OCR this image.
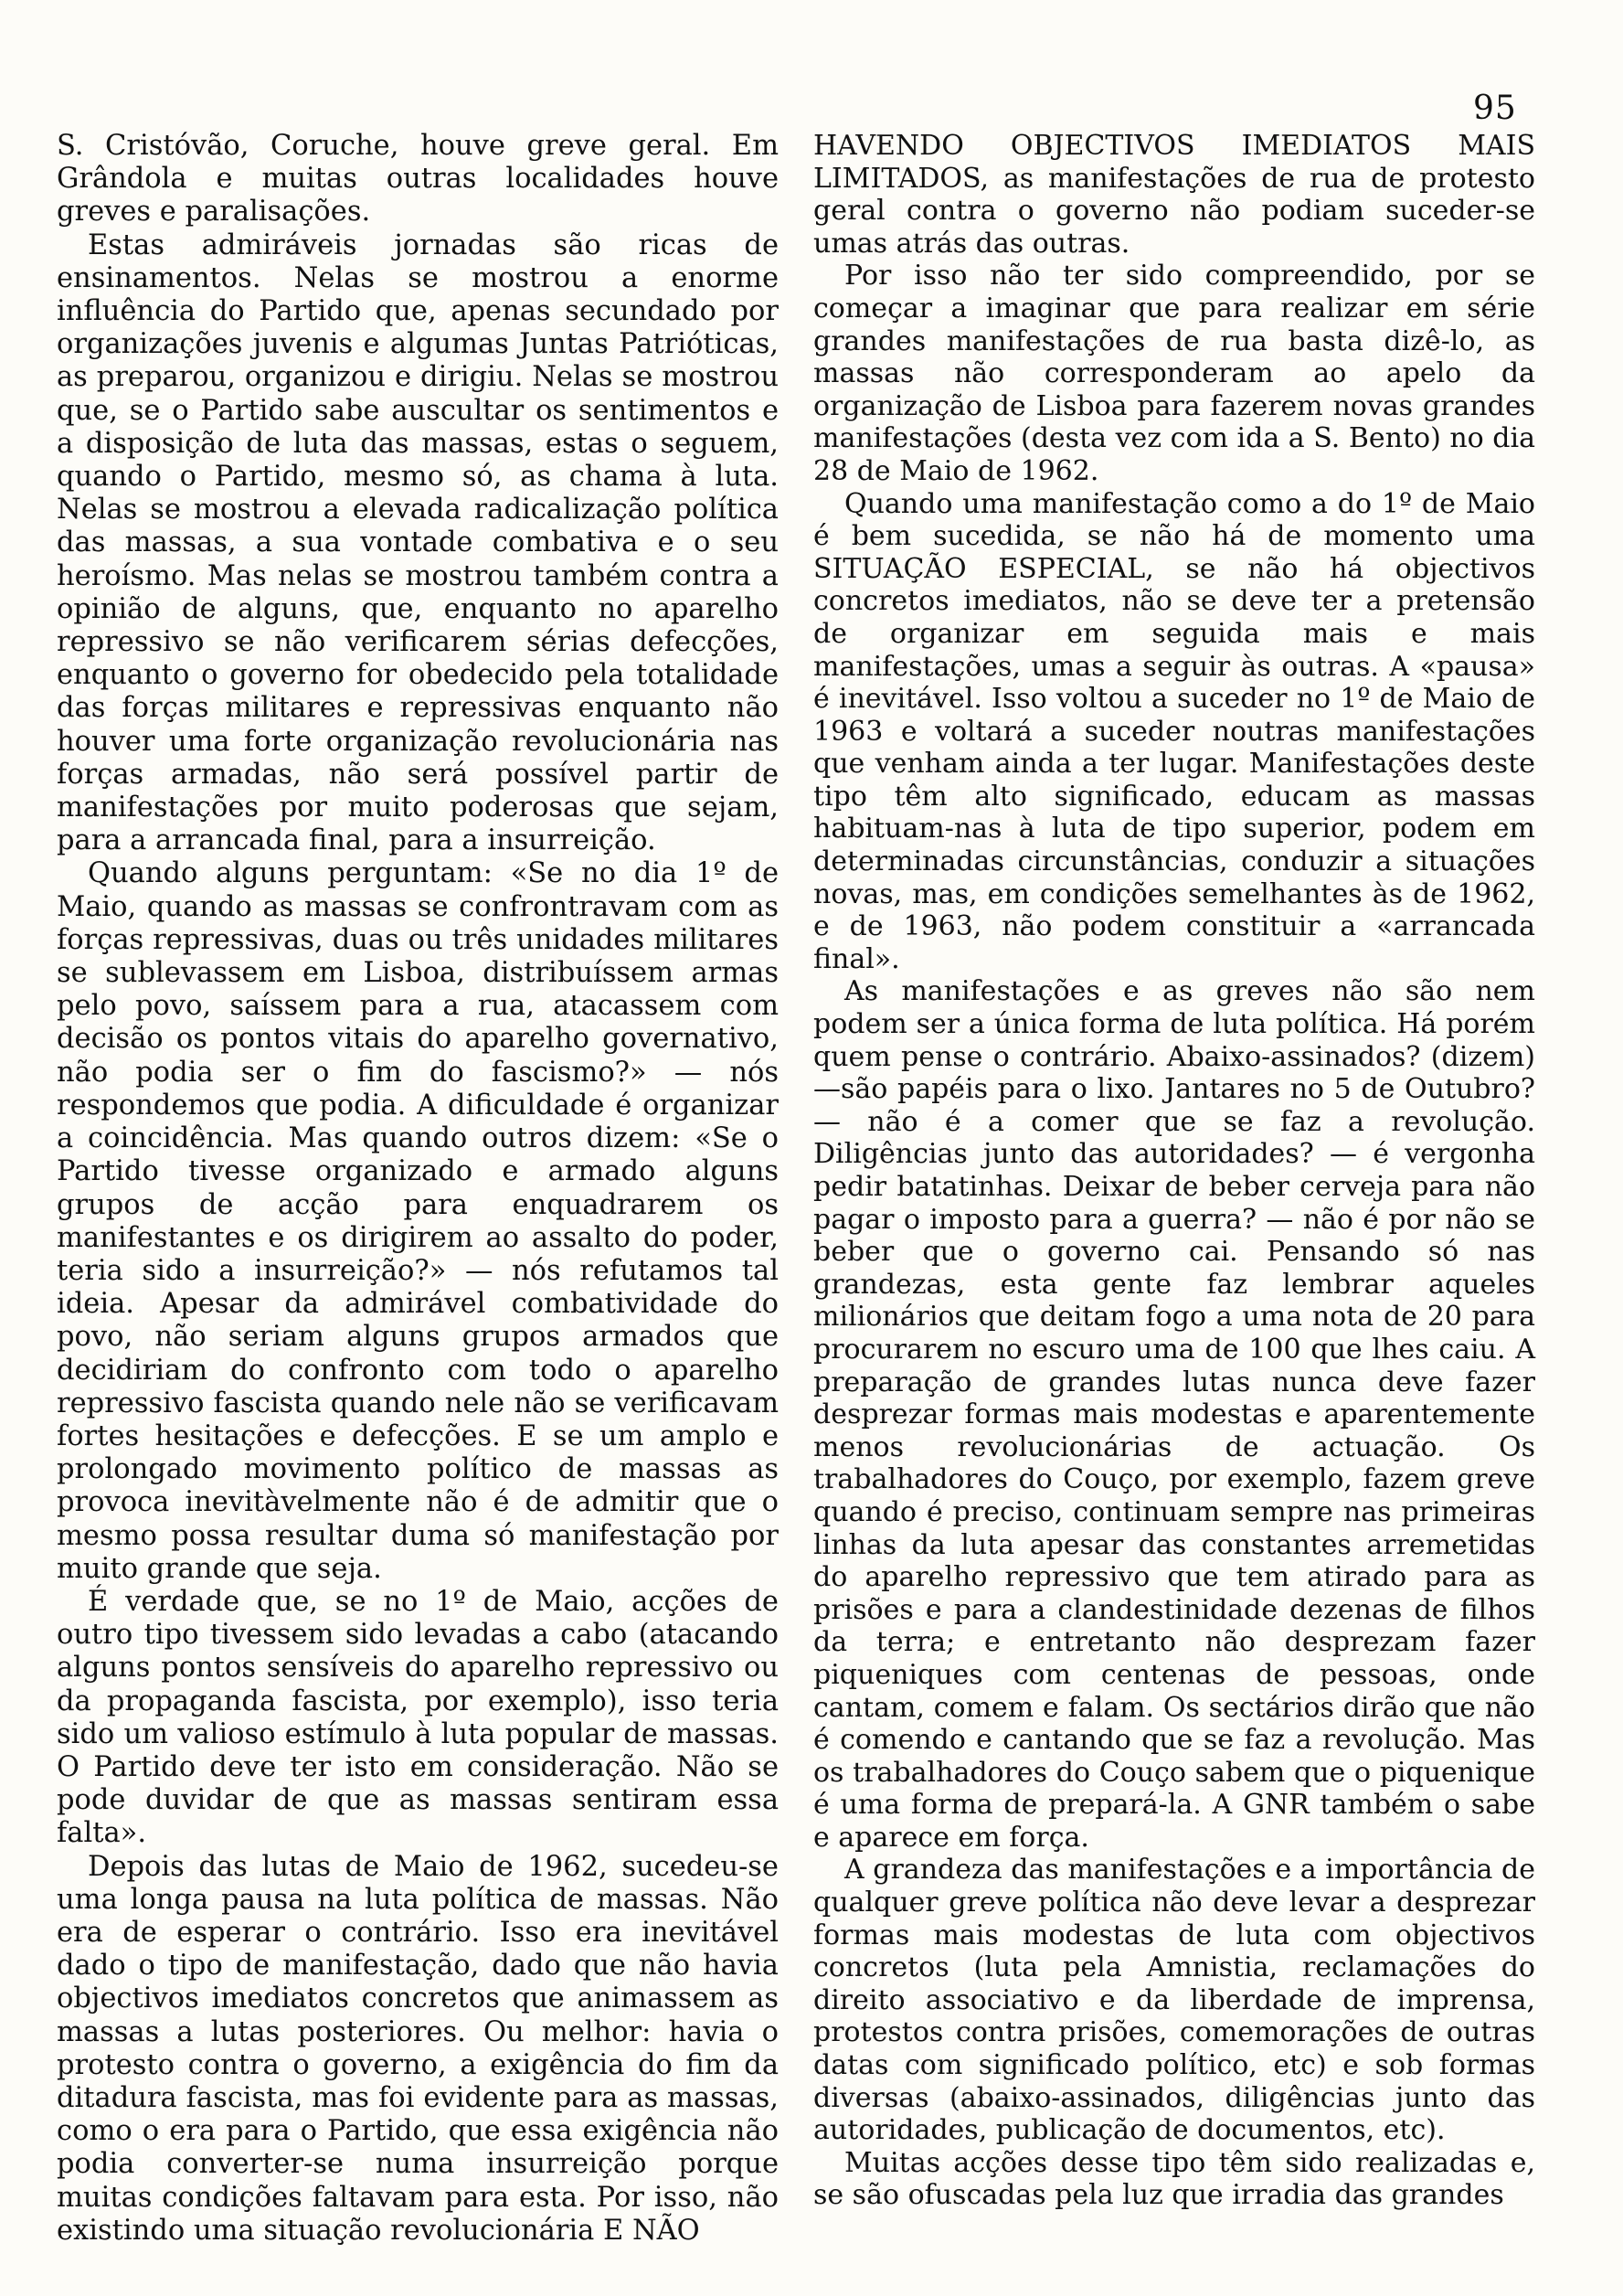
95

S. Cristóvão, Coruche, houve greve geral. Em Grândola e muitas outras localidades houve greves e paralisações.

Estas admiráveis jornadas são ricas de ensinamentos. Nelas se mostrou a enorme influência do Partido que, apenas secundado por organizações juvenis e algumas Juntas Patrióticas, as preparou, organizou e dirigiu. Nelas se mostrou que, se o Partido sabe auscultar os sentimentos e a disposição de luta das massas, estas o seguem, quando o Partido, mesmo só, as chama à luta. Nelas se mostrou a elevada radicalização política das massas, a sua vontade combativa e o seu heroísmo. Mas nelas se mostrou também contra a opinião de alguns, que, enquanto no aparelho repressivo se não verificarem sérias defecções, enquanto o governo for obedecido pela totalidade das forças militares e repressivas enquanto não houver uma forte organização revolucionária nas forças armadas, não será possível partir de manifestações por muito poderosas que sejam, para a arrancada final, para a insurreição.

Quando alguns perguntam: «Se no dia 1º de Maio, quando as massas se confrontravam com as forças repressivas, duas ou três unidades militares se sublevassem em Lisboa, distribuíssem armas pelo povo, saíssem para a rua, atacassem com decisão os pontos vitais do aparelho governativo, não podia ser o fim do fascismo?» — nós respondemos que podia. A dificuldade é organizar a coincidência. Mas quando outros dizem: «Se o Partido tivesse organizado e armado alguns grupos de acção para enquadrarem os manifestantes e os dirigirem ao assalto do poder, teria sido a insurreição?» — nós refutamos tal ideia. Apesar da admirável combatividade do povo, não seriam alguns grupos armados que decidiriam do confronto com todo o aparelho repressivo fascista quando nele não se verificavam fortes hesitações e defecções. E se um amplo e prolongado movimento político de massas as provoca inevitàvelmente não é de admitir que o mesmo possa resultar duma só manifestação por muito grande que seja.

É verdade que, se no 1º de Maio, acções de outro tipo tivessem sido levadas a cabo (atacando alguns pontos sensíveis do aparelho repressivo ou da propaganda fascista, por exemplo), isso teria sido um valioso estímulo à luta popular de massas. O Partido deve ter isto em consideração. Não se pode duvidar de que as massas sentiram essa falta».

Depois das lutas de Maio de 1962, sucedeu-se uma longa pausa na luta política de massas. Não era de esperar o contrário. Isso era inevitável dado o tipo de manifestação, dado que não havia objectivos imediatos concretos que animassem as massas a lutas posteriores. Ou melhor: havia o protesto contra o governo, a exigência do fim da ditadura fascista, mas foi evidente para as massas, como o era para o Partido, que essa exigência não podia converter-se numa insurreição porque muitas condições faltavam para esta. Por isso, não existindo uma situação revolucionária E NÃO

HAVENDO OBJECTIVOS IMEDIATOS MAIS LIMITADOS, as manifestações de rua de protesto geral contra o governo não podiam suceder-se umas atrás das outras.

Por isso não ter sido compreendido, por se começar a imaginar que para realizar em série grandes manifestações de rua basta dizê-lo, as massas não corresponderam ao apelo da organização de Lisboa para fazerem novas grandes manifestações (desta vez com ida a S. Bento) no dia 28 de Maio de 1962.

Quando uma manifestação como a do 1º de Maio é bem sucedida, se não há de momento uma SITUAÇÃO ESPECIAL, se não há objectivos concretos imediatos, não se deve ter a pretensão de organizar em seguida mais e mais manifestações, umas a seguir às outras. A «pausa» é inevitável. Isso voltou a suceder no 1º de Maio de 1963 e voltará a suceder noutras manifestações que venham ainda a ter lugar. Manifestações deste tipo têm alto significado, educam as massas habituam-nas à luta de tipo superior, podem em determinadas circunstâncias, conduzir a situações novas, mas, em condições semelhantes às de 1962, e de 1963, não podem constituir a «arrancada final».

As manifestações e as greves não são nem podem ser a única forma de luta política. Há porém quem pense o contrário. Abaixo-assinados? (dizem) —são papéis para o lixo. Jantares no 5 de Outubro? — não é a comer que se faz a revolução. Diligências junto das autoridades? — é vergonha pedir batatinhas. Deixar de beber cerveja para não pagar o imposto para a guerra? — não é por não se beber que o governo cai. Pensando só nas grandezas, esta gente faz lembrar aqueles milionários que deitam fogo a uma nota de 20 para procurarem no escuro uma de 100 que lhes caiu. A preparação de grandes lutas nunca deve fazer desprezar formas mais modestas e aparentemente menos revolucionárias de actuação. Os trabalhadores do Couço, por exemplo, fazem greve quando é preciso, continuam sempre nas primeiras linhas da luta apesar das constantes arremetidas do aparelho repressivo que tem atirado para as prisões e para a clandestinidade dezenas de filhos da terra; e entretanto não desprezam fazer piqueniques com centenas de pessoas, onde cantam, comem e falam. Os sectários dirão que não é comendo e cantando que se faz a revolução. Mas os trabalhadores do Couço sabem que o piquenique é uma forma de prepará-la. A GNR também o sabe e aparece em força.

A grandeza das manifestações e a importância de qualquer greve política não deve levar a desprezar formas mais modestas de luta com objectivos concretos (luta pela Amnistia, reclamações do direito associativo e da liberdade de imprensa, protestos contra prisões, comemorações de outras datas com significado político, etc) e sob formas diversas (abaixo-assinados, diligências junto das autoridades, publicação de documentos, etc).

Muitas acções desse tipo têm sido realizadas e, se são ofuscadas pela luz que irradia das grandes
